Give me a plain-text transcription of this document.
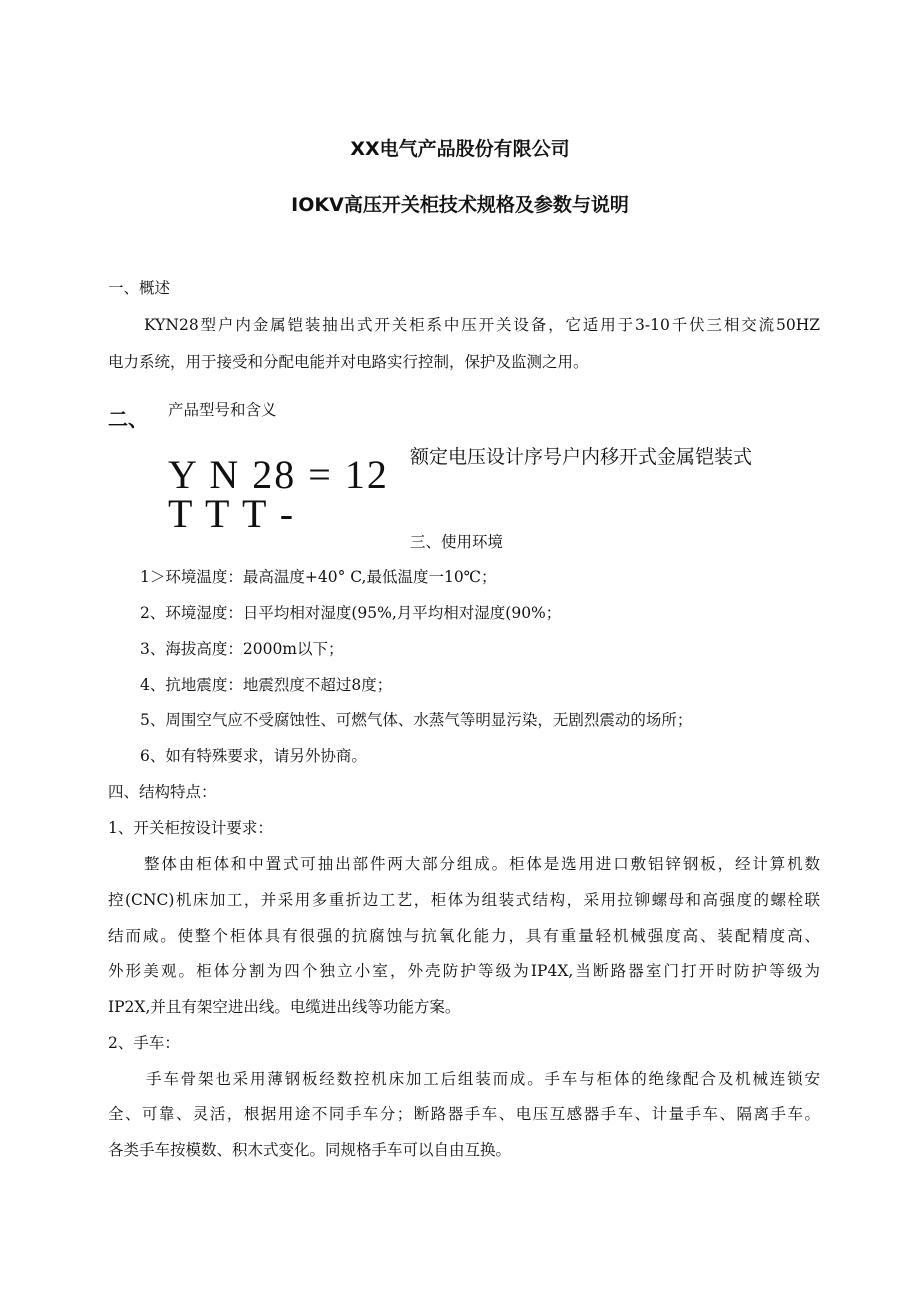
XX电气产品股份有限公司
IOKV高压开关柜技术规格及参数与说明
一、概述
KYN28型户内金属铠装抽出式开关柜系中压开关设备，它适用于3-10千伏三相交流50HZ
电力系统，用于接受和分配电能并对电路实行控制，保护及监测之用。
二、 产品型号和含义
Y N 28 = 12
T T T -
额定电压设计序号户内移开式金属铠装式
三、使用环境
1＞环境温度：最高温度+40° C,最低温度一10℃；
2、环境湿度：日平均相对湿度(95%,月平均相对湿度(90%；
3、海拔高度：2000m以下；
4、抗地震度：地震烈度不超过8度；
5、周围空气应不受腐蚀性、可燃气体、水蒸气等明显污染，无剧烈震动的场所；
6、如有特殊要求，请另外协商。
四、结构特点：
1、开关柜按设计要求：
整体由柜体和中置式可抽出部件两大部分组成。柜体是选用进口敷铝锌钢板，经计算机数
控(CNC)机床加工，并采用多重折边工艺，柜体为组装式结构，采用拉铆螺母和高强度的螺栓联
结而咸。使整个柜体具有很强的抗腐蚀与抗氧化能力，具有重量轻机械强度高、装配精度高、
外形美观。柜体分割为四个独立小室，外壳防护等级为IP4X,当断路器室门打开时防护等级为
IP2X,并且有架空进出线。电缆进出线等功能方案。
2、手车：
手车骨架也采用薄钢板经数控机床加工后组装而成。手车与柜体的绝缘配合及机械连锁安
全、可靠、灵活，根据用途不同手车分；断路器手车、电压互感器手车、计量手车、隔离手车。
各类手车按模数、积木式变化。同规格手车可以自由互换。
